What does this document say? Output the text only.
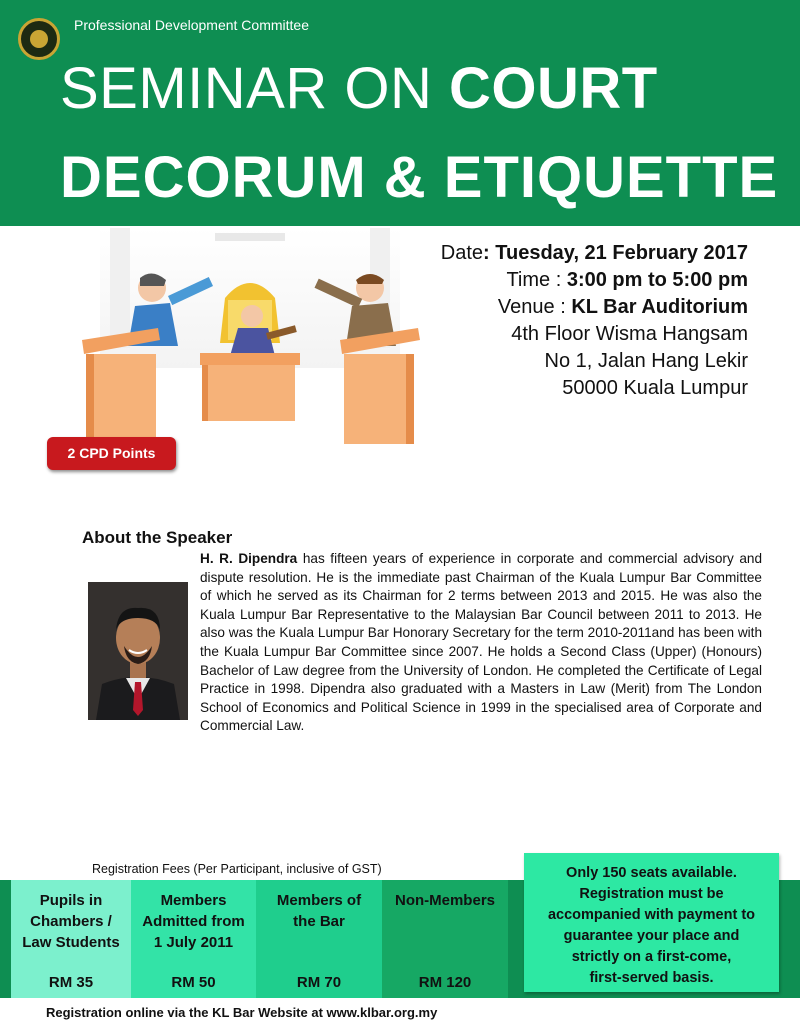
Professional Development Committee
SEMINAR ON COURT
DECORUM & ETIQUETTE
2 CPD Points
Date: Tuesday, 21 February 2017
Time : 3:00 pm to 5:00 pm
Venue : KL Bar Auditorium
4th Floor Wisma Hangsam
No 1, Jalan Hang Lekir
50000 Kuala Lumpur
About the Speaker
H. R. Dipendra has fifteen years of experience in corporate and commercial advisory and dispute resolution. He is the immediate past Chairman of the Kuala Lumpur Bar Committee of which he served as its Chairman for 2 terms between 2013 and 2015. He was also the Kuala Lumpur Bar Representative to the Malaysian Bar Council between 2011 to 2013. He also was the Kuala Lumpur Bar Honorary Secretary for the term 2010-2011and has been with the Kuala Lumpur Bar Committee since 2007. He holds a Second Class (Upper) (Honours) Bachelor of Law degree from the University of London. He completed the Certificate of Legal Practice in 1998. Dipendra also graduated with a Masters in Law (Merit) from The London School of Economics and Political Science in 1999 in the specialised area of Corporate and Commercial Law.
Registration Fees (Per Participant, inclusive of GST)
Pupils in
Chambers /
Law Students
RM 35
Members
Admitted from
1 July 2011
RM 50
Members of
the Bar
RM 70
Non-Members
RM 120
Only 150 seats available.
Registration must be
accompanied with payment to
guarantee your place and
strictly on a first-come,
first-served basis.
Registration online via the KL Bar Website at www.klbar.org.my
